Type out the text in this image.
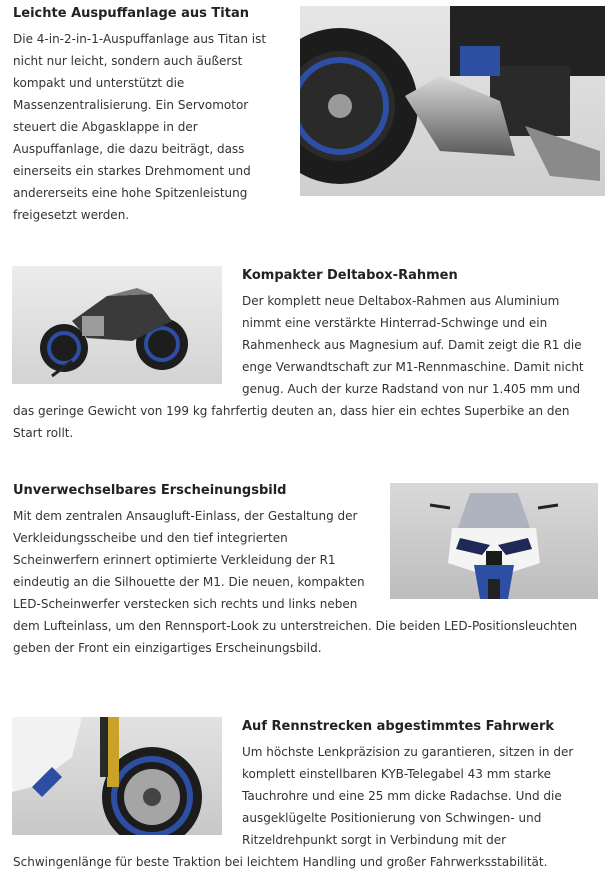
Leichte Auspuffanlage aus Titan

Die 4-in-2-in-1-Auspuffanlage aus Titan ist nicht nur leicht, sondern auch äußerst kompakt und unterstützt die Massenzentralisierung. Ein Servomotor steuert die Abgasklappe in der Auspuffanlage, die dazu beiträgt, dass einerseits ein starkes Drehmoment und andererseits eine hohe Spitzenleistung freigesetzt werden.

Kompakter Deltabox-Rahmen

Der komplett neue Deltabox-Rahmen aus Aluminium nimmt eine verstärkte Hinterrad-Schwinge und ein Rahmenheck aus Magnesium auf. Damit zeigt die R1 die enge Verwandtschaft zur M1-Rennmaschine. Damit nicht genug. Auch der kurze Radstand von nur 1.405 mm und das geringe Gewicht von 199 kg fahrfertig deuten an, dass hier ein echtes Superbike an den Start rollt.

Unverwechselbares Erscheinungsbild

Mit dem zentralen Ansaugluft-Einlass, der Gestaltung der Verkleidungsscheibe und den tief integrierten Scheinwerfern erinnert optimierte Verkleidung der R1 eindeutig an die Silhouette der M1. Die neuen, kompakten LED-Scheinwerfer verstecken sich rechts und links neben dem Lufteinlass, um den Rennsport-Look zu unterstreichen. Die beiden LED-Positionsleuchten geben der Front ein einzigartiges Erscheinungsbild.

Auf Rennstrecken abgestimmtes Fahrwerk

Um höchste Lenkpräzision zu garantieren, sitzen in der komplett einstellbaren KYB-Telegabel 43 mm starke Tauchrohre und eine 25 mm dicke Radachse. Und die ausgeklügelte Positionierung von Schwingen- und Ritzeldrehpunkt sorgt in Verbindung mit der Schwingenlänge für beste Traktion bei leichtem Handling und großer Fahrwerksstabilität.
